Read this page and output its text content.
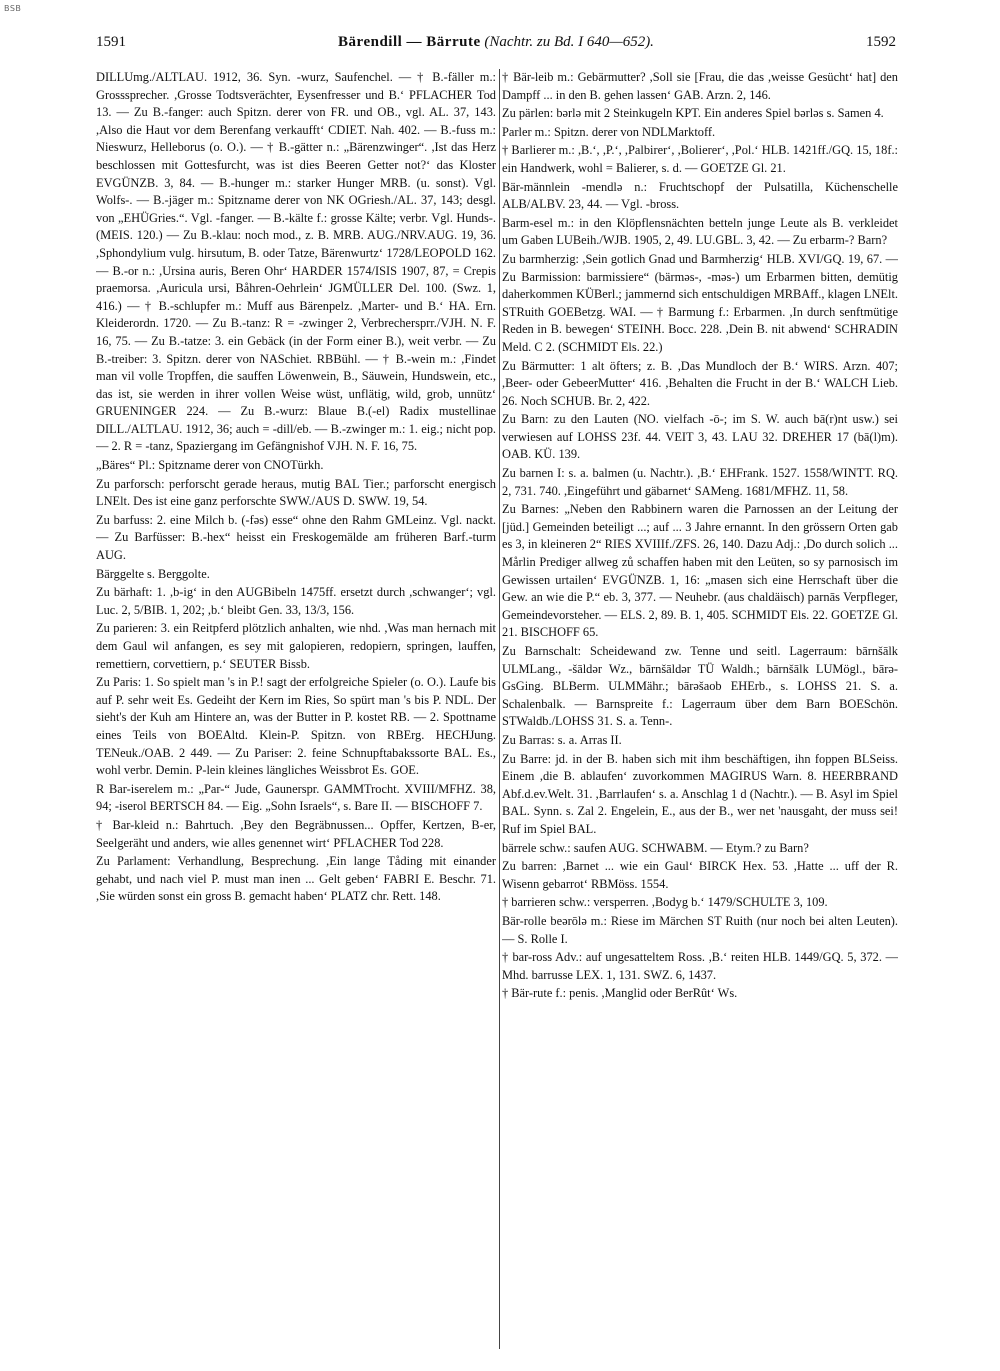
BSB
1591	Bärendill — Bärrute (Nachtr. zu Bd. I 640—652).	1592

DILLUmg./ALTLAU. 1912, 36. Syn. -wurz, Saufenchel. — † B.-fäller m.: Grosssprecher. ,Grosse Todtsverächter, Eysenfresser und B.‘ PFLACHER Tod 13. — Zu B.-fanger: auch Spitzn. derer von FR. und OB., vgl. AL. 37, 143. ,Also die Haut vor dem Berenfang verkaufft‘ CDIET. Nah. 402. — B.-fuss m.: Nieswurz, Helleborus (o. O.). — † B.-gätter n.: „Bärenzwinger“. ,Ist das Herz beschlossen mit Gottesfurcht, was ist dies Beeren Getter not?‘ das Kloster EVGÜNZB. 3, 84. — B.-hunger m.: starker Hunger MRB. (u. sonst). Vgl. Wolfs-. — B.-jäger m.: Spitzname derer von NK OGriesh./AL. 37, 143; desgl. von „EHÜGries.“. Vgl. -fanger. — B.-kälte f.: grosse Kälte; verbr. Vgl. Hunds-. (MEIS. 120.) — Zu B.-klau: noch mod., z. B. MRB. AUG./NRV.AUG. 19, 36. ,Sphondylium vulg. hirsutum, B. oder Tatze, Bärenwurtz‘ 1728/LEOPOLD 162. — B.-or n.: ,Ursina auris, Beren Ohr‘ HARDER 1574/ISIS 1907, 87, = Crepis praemorsa. ,Auricula ursi, Båhren-Oehrlein‘ JGMÜLLER Del. 100. (Swz. 1, 416.) — † B.-schlupfer m.: Muff aus Bärenpelz. ,Marter- und B.‘ HA. Ern. Kleiderordn. 1720. — Zu B.-tanz: R = -zwinger 2, Verbrechersprr./VJH. N. F. 16, 75. — Zu B.-tatze: 3. ein Gebäck (in der Form einer B.), weit verbr. — Zu B.-treiber: 3. Spitzn. derer von NASchiet. RBBühl. — † B.-wein m.: ,Findet man vil volle Tropffen, die sauffen Löwenwein, B., Säuwein, Hundswein, etc., das ist, sie werden in ihrer vollen Weise wüst, unflätig, wild, grob, unnütz‘ GRUENINGER 224. — Zu B.-wurz: Blaue B.(-el) Radix mustellinae DILL./ALTLAU. 1912, 36; auch = -dill/eb. — B.-zwinger m.: 1. eig.; nicht pop. — 2. R = -tanz, Spaziergang im Gefängnishof VJH. N. F. 16, 75.

„Bäres“ Pl.: Spitzname derer von CNOTürkh.

Zu parforsch: perforscht gerade heraus, mutig BAL Tier.; parforscht energisch LNElt. Des ist eine ganz perforschte SWW./AUS D. SWW. 19, 54.

Zu barfuss: 2. eine Milch b. (-fəs) esse“ ohne den Rahm GMLeinz. Vgl. nackt. — Zu Barfüsser: B.-hex“ heisst ein Freskogemälde am früheren Barf.-turm AUG.

Bärggelte s. Berggolte.

Zu bärhaft: 1. ,b-ig‘ in den AUGBibeln 1475ff. ersetzt durch ,schwanger‘; vgl. Luc. 2, 5/BIB. 1, 202; ,b.‘ bleibt Gen. 33, 13/3, 156.

Zu parieren: 3. ein Reitpferd plötzlich anhalten, wie nhd. ,Was man hernach mit dem Gaul wil anfangen, es sey mit galopieren, redopiern, springen, lauffen, remettiern, corvettiern, p.‘ SEUTER Bissb.

Zu Paris: 1. So spielt man 's in P.! sagt der erfolgreiche Spieler (o. O.). Laufe bis auf P. sehr weit Es. Gedeiht der Kern im Ries, So spürt man 's bis P. NDL. Der sieht's der Kuh am Hintere an, was der Butter in P. kostet RB. — 2. Spottname eines Teils von BOEAltd. Klein-P. Spitzn. von RBErg. HECHJung. TENeuk./OAB. 2 449. — Zu Pariser: 2. feine Schnupftabakssorte BAL. Es., wohl verbr. Demin. P-lein kleines längliches Weissbrot Es. GOE.

R Bar-iserelem m.: „Par-“ Jude, Gaunerspr. GAMMTrocht. XVIII/MFHZ. 38, 94; -iserol BERTSCH 84. — Eig. „Sohn Israels“, s. Bare II. — BISCHOFF 7.

† Bar-kleid n.: Bahrtuch. ,Bey den Begräbnussen... Opffer, Kertzen, B-er, Seelgeräht und anders, wie alles genennet wirt‘ PFLACHER Tod 228.

Zu Parlament: Verhandlung, Besprechung. ,Ein lange Tåding mit einander gehabt, und nach viel P. must man inen ... Gelt geben‘ FABRI E. Beschr. 71. ,Sie würden sonst ein gross B. gemacht haben‘ PLATZ chr. Rett. 148.

† Bär-leib m.: Gebärmutter? ,Soll sie [Frau, die das ,weisse Gesücht‘ hat] den Dampff ... in den B. gehen lassen‘ GAB. Arzn. 2, 146.

Zu pärlen: bərlə mit 2 Steinkugeln KPT. Ein anderes Spiel bərləs s. Samen 4.

Parler m.: Spitzn. derer von NDLMarktoff.

† Barlierer m.: ,B.‘, ,P.‘, ,Palbirer‘, ,Bolierer‘, ,Pol.‘ HLB. 1421ff./GQ. 15, 18f.: ein Handwerk, wohl = Balierer, s. d. — GOETZE Gl. 21.

Bär-männlein -mendlə n.: Fruchtschopf der Pulsatilla, Küchenschelle ALB/ALBV. 23, 44. — Vgl. -bross.

Barm-esel m.: in den Klöpflensnächten betteln junge Leute als B. verkleidet um Gaben LUBeih./WJB. 1905, 2, 49. LU.GBL. 3, 42. — Zu erbarm-? Barn?

Zu barmherzig: ,Sein gotlich Gnad und Barmherzig‘ HLB. XVI/GQ. 19, 67. — Zu Barmission: barmissiere“ (bärməs-, -məs-) um Erbarmen bitten, demütig daherkommen KÜBerl.; jammernd sich entschuldigen MRBAff., klagen LNElt. STRuith GOEBetzg. WAI. — † Barmung f.: Erbarmen. ,In durch senftmütige Reden in B. bewegen‘ STEINH. Bocc. 228. ,Dein B. nit abwend‘ SCHRADIN Meld. C 2. (SCHMIDT Els. 22.)

Zu Bärmutter: 1 alt öfters; z. B. ,Das Mundloch der B.‘ WIRS. Arzn. 407; ,Beer- oder GebeerMutter‘ 416. ,Behalten die Frucht in der B.‘ WALCH Lieb. 26. Noch SCHUB. Br. 2, 422.

Zu Barn: zu den Lauten (NO. vielfach -ō-; im S. W. auch bā(r)nt usw.) sei verwiesen auf LOHSS 23f. 44. VEIT 3, 43. LAU 32. DREHER 17 (bā(l)m). OAB. KÜ. 139.

Zu barnen I: s. a. balmen (u. Nachtr.). ,B.‘ EHFrank. 1527. 1558/WINTT. RQ. 2, 731. 740. ,Eingeführt und gäbarnet‘ SAMeng. 1681/MFHZ. 11, 58.

Zu Barnes: „Neben den Rabbinern waren die Parnossen an der Leitung der [jüd.] Gemeinden beteiligt ...; auf ... 3 Jahre ernannt. In den grössern Orten gab es 3, in kleineren 2“ RIES XVIIIf./ZFS. 26, 140. Dazu Adj.: ,Do durch solich ... Mårlin Prediger allweg zů schaffen haben mit den Leüten, so sy parnosisch im Gewissen urtailen‘ EVGÜNZB. 1, 16: „masen sich eine Herrschaft über die Gew. an wie die P.“ eb. 3, 377. — Neuhebr. (aus chaldäisch) parnās Verpfleger, Gemeindevorsteher. — ELS. 2, 89. B. 1, 405. SCHMIDT Els. 22. GOETZE Gl. 21. BISCHOFF 65.

Zu Barnschalt: Scheidewand zw. Tenne und seitl. Lagerraum: bārnšālk ULMLang., -šāldər Wz., bārnšāldər TÜ Waldh.; bārnšālk LUMögl., bārə- GsGing. BLBerm. ULMMähr.; bārəšaob EHErb., s. LOHSS 21. S. a. Schalenbalk. — Barnspreite f.: Lagerraum über dem Barn BOESchön. STWaldb./LOHSS 31. S. a. Tenn-.

Zu Barras: s. a. Arras II.

Zu Barre: jd. in der B. haben sich mit ihm beschäftigen, ihn foppen BLSeiss. Einem ,die B. ablaufen‘ zuvorkommen MAGIRUS Warn. 8. HEERBRAND Abf.d.ev.Welt. 31. ,Barrlaufen‘ s. a. Anschlag 1 d (Nachtr.). — B. Asyl im Spiel BAL. Synn. s. Zal 2. Engelein, E., aus der B., wer net 'nausgaht, der muss sei! Ruf im Spiel BAL.

bärrele schw.: saufen AUG. SCHWABM. — Etym.? zu Barn?

Zu barren: ,Barnet ... wie ein Gaul‘ BIRCK Hex. 53. ,Hatte ... uff der R. Wisenn gebarrot‘ RBMöss. 1554.

† barrieren schw.: versperren. ,Bodyg b.‘ 1479/SCHULTE 3, 109.

Bär-rolle beərōlə m.: Riese im Märchen ST Ruith (nur noch bei alten Leuten). — S. Rolle I.

† bar-ross Adv.: auf ungesatteltem Ross. ,B.‘ reiten HLB. 1449/GQ. 5, 372. — Mhd. barrusse LEX. 1, 131. SWZ. 6, 1437.

† Bär-rute f.: penis. ,Manglid oder BerRût‘ Ws.
